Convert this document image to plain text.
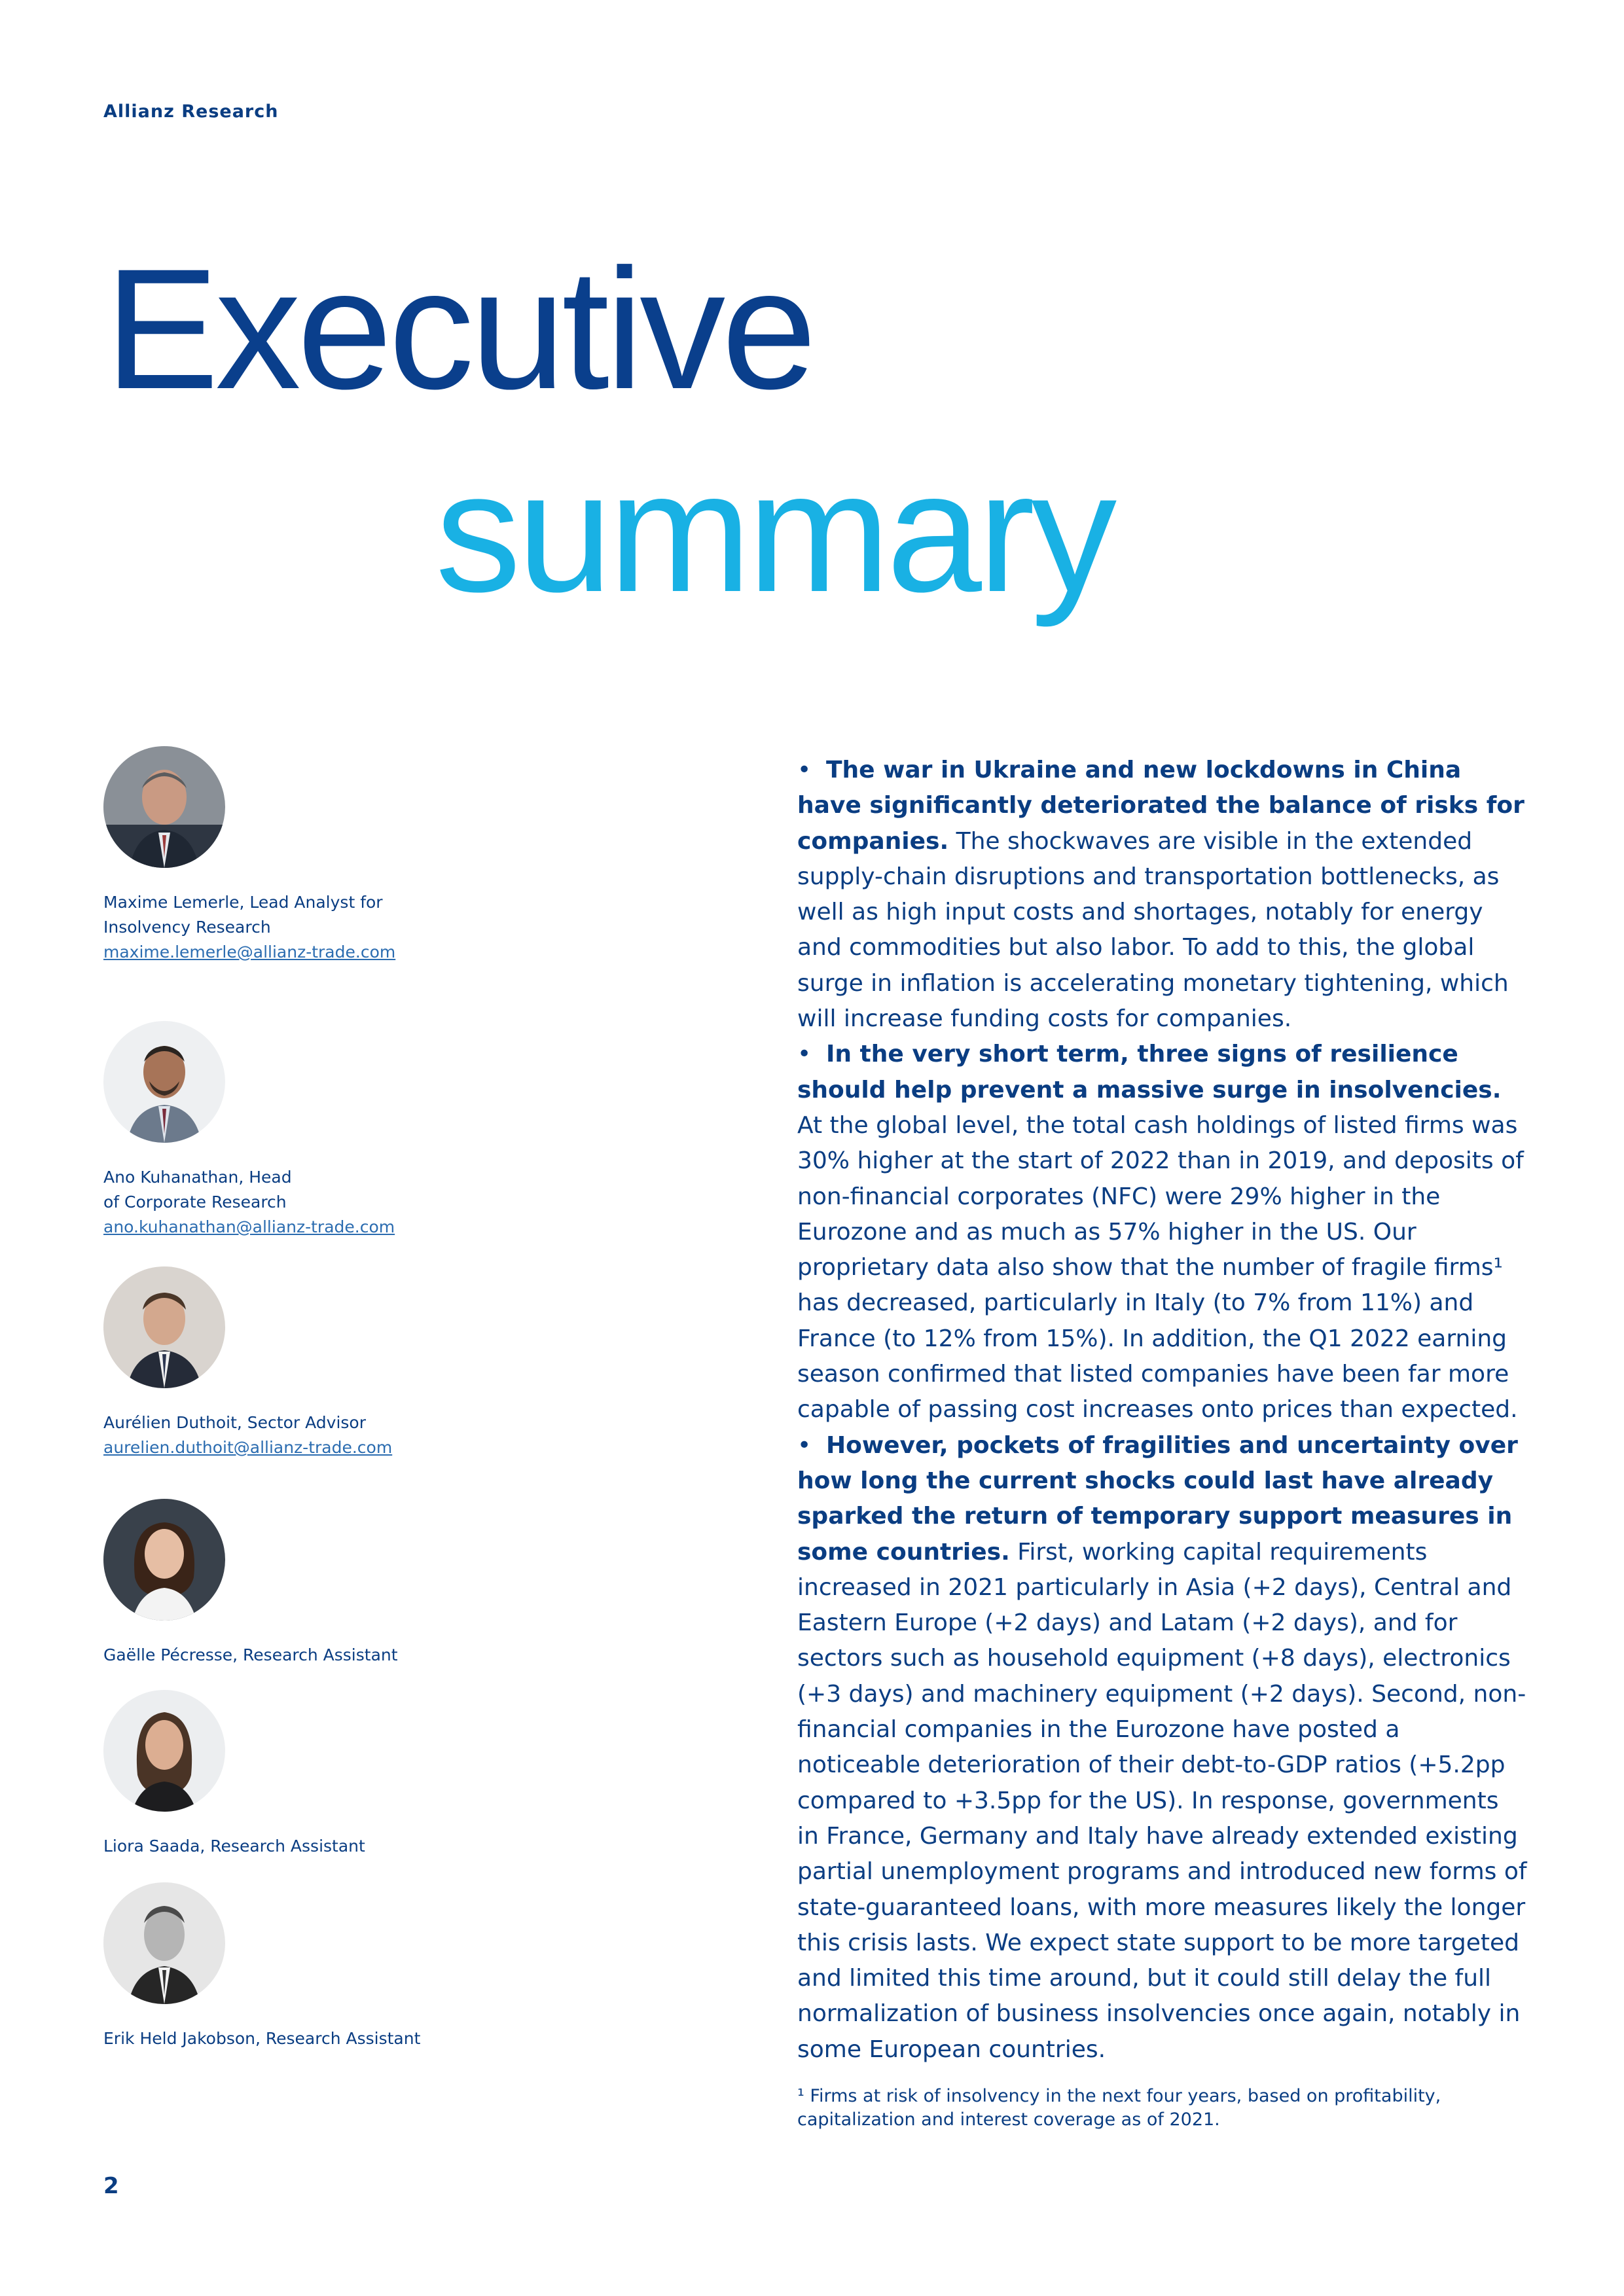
Allianz Research
Executive
summary
Maxime Lemerle, Lead Analyst for
Insolvency Research
maxime.lemerle@allianz-trade.com
Ano Kuhanathan, Head
of Corporate Research
ano.kuhanathan@allianz-trade.com
Aurélien Duthoit, Sector Advisor
aurelien.duthoit@allianz-trade.com
Gaëlle Pécresse, Research Assistant
Liora Saada, Research Assistant
Erik Held Jakobson, Research Assistant

• The war in Ukraine and new lockdowns in China have significantly deteriorated the balance of risks for companies. The shockwaves are visible in the extended supply-chain disruptions and transportation bottlenecks, as well as high input costs and shortages, notably for energy and commodities but also labor. To add to this, the global surge in inflation is accelerating monetary tightening, which will increase funding costs for companies.

• In the very short term, three signs of resilience should help prevent a massive surge in insolvencies. At the global level, the total cash holdings of listed firms was 30% higher at the start of 2022 than in 2019, and deposits of non-financial corporates (NFC) were 29% higher in the Eurozone and as much as 57% higher in the US. Our proprietary data also show that the number of fragile firms¹ has decreased, particularly in Italy (to 7% from 11%) and France (to 12% from 15%). In addition, the Q1 2022 earning season confirmed that listed companies have been far more capable of passing cost increases onto prices than expected.

• However, pockets of fragilities and uncertainty over how long the current shocks could last have already sparked the return of temporary support measures in some countries. First, working capital requirements increased in 2021 particularly in Asia (+2 days), Central and Eastern Europe (+2 days) and Latam (+2 days), and for sectors such as household equipment (+8 days), electronics (+3 days) and machinery equipment (+2 days). Second, non-financial companies in the Eurozone have posted a noticeable deterioration of their debt-to-GDP ratios (+5.2pp compared to +3.5pp for the US). In response, governments in France, Germany and Italy have already extended existing partial unemployment programs and introduced new forms of state-guaranteed loans, with more measures likely the longer this crisis lasts. We expect state support to be more targeted and limited this time around, but it could still delay the full normalization of business insolvencies once again, notably in some European countries.

¹ Firms at risk of insolvency in the next four years, based on profitability, capitalization and interest coverage as of 2021.
2
